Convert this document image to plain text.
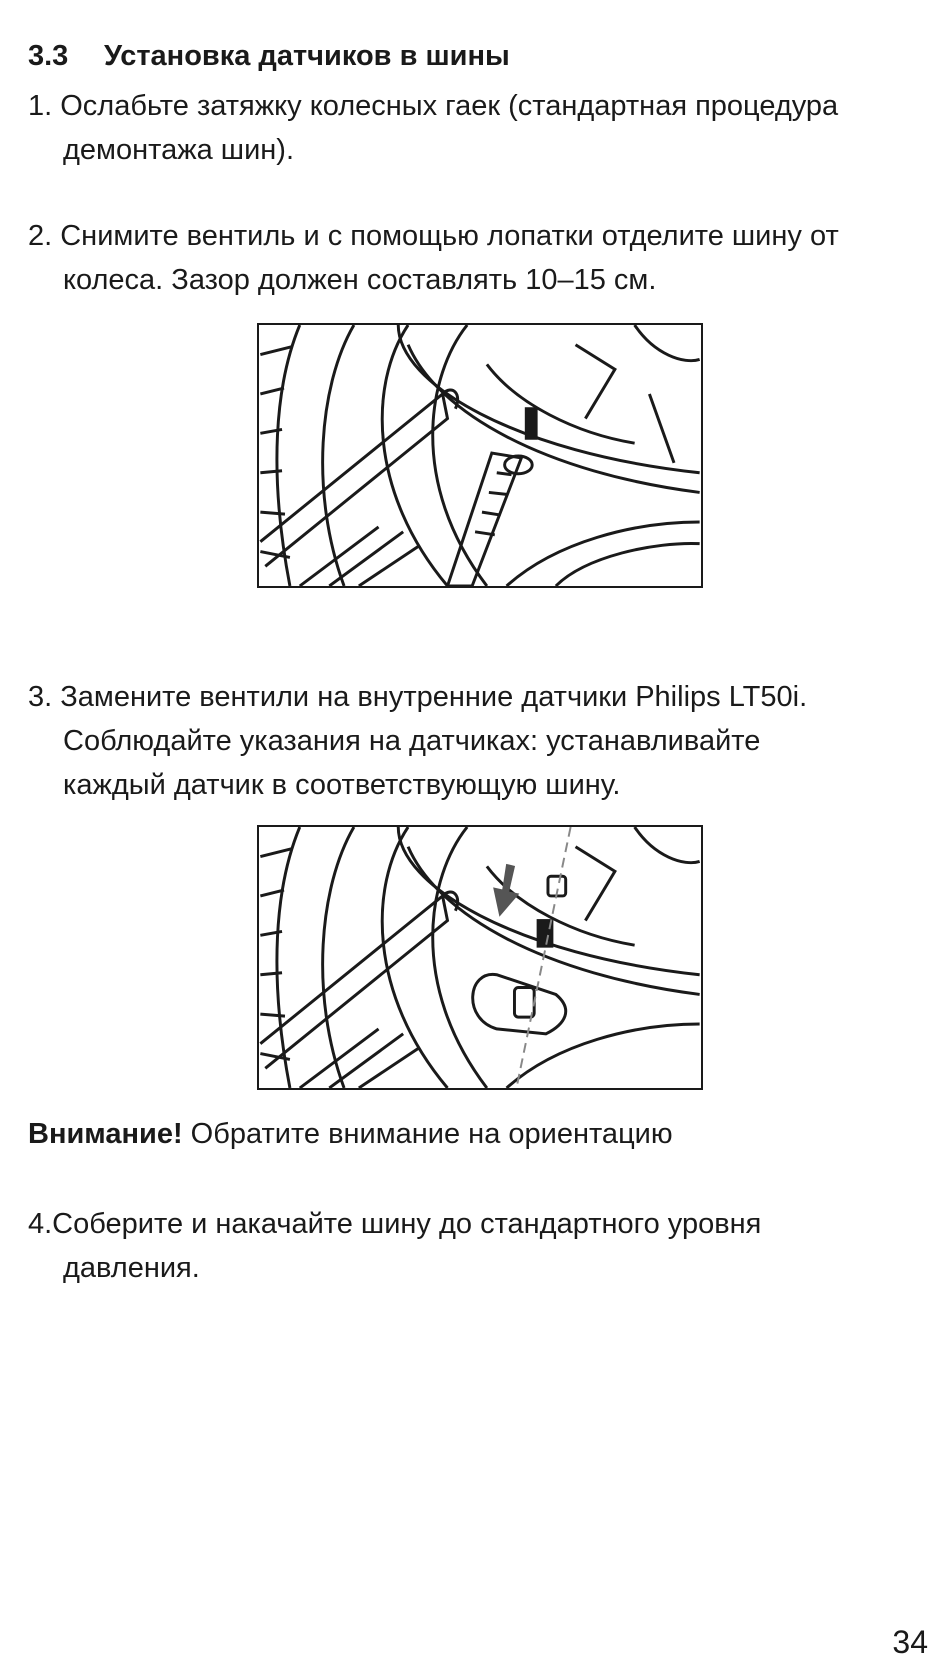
3.3 Установка датчиков в шины
1. Ослабьте затяжку колесных гаек (стандартная процедура
демонтажа шин).
2. Снимите вентиль и с помощью лопатки отделите шину от
колеса. Зазор должен составлять 10–15 см.
3. Замените вентили на внутренние датчики Philips LT50i.
Соблюдайте указания на датчиках: устанавливайте
каждый датчик в соответствующую шину.
Внимание! Обратите внимание на ориентацию
4.Соберите и накачайте шину до стандартного уровня
давления.
34
